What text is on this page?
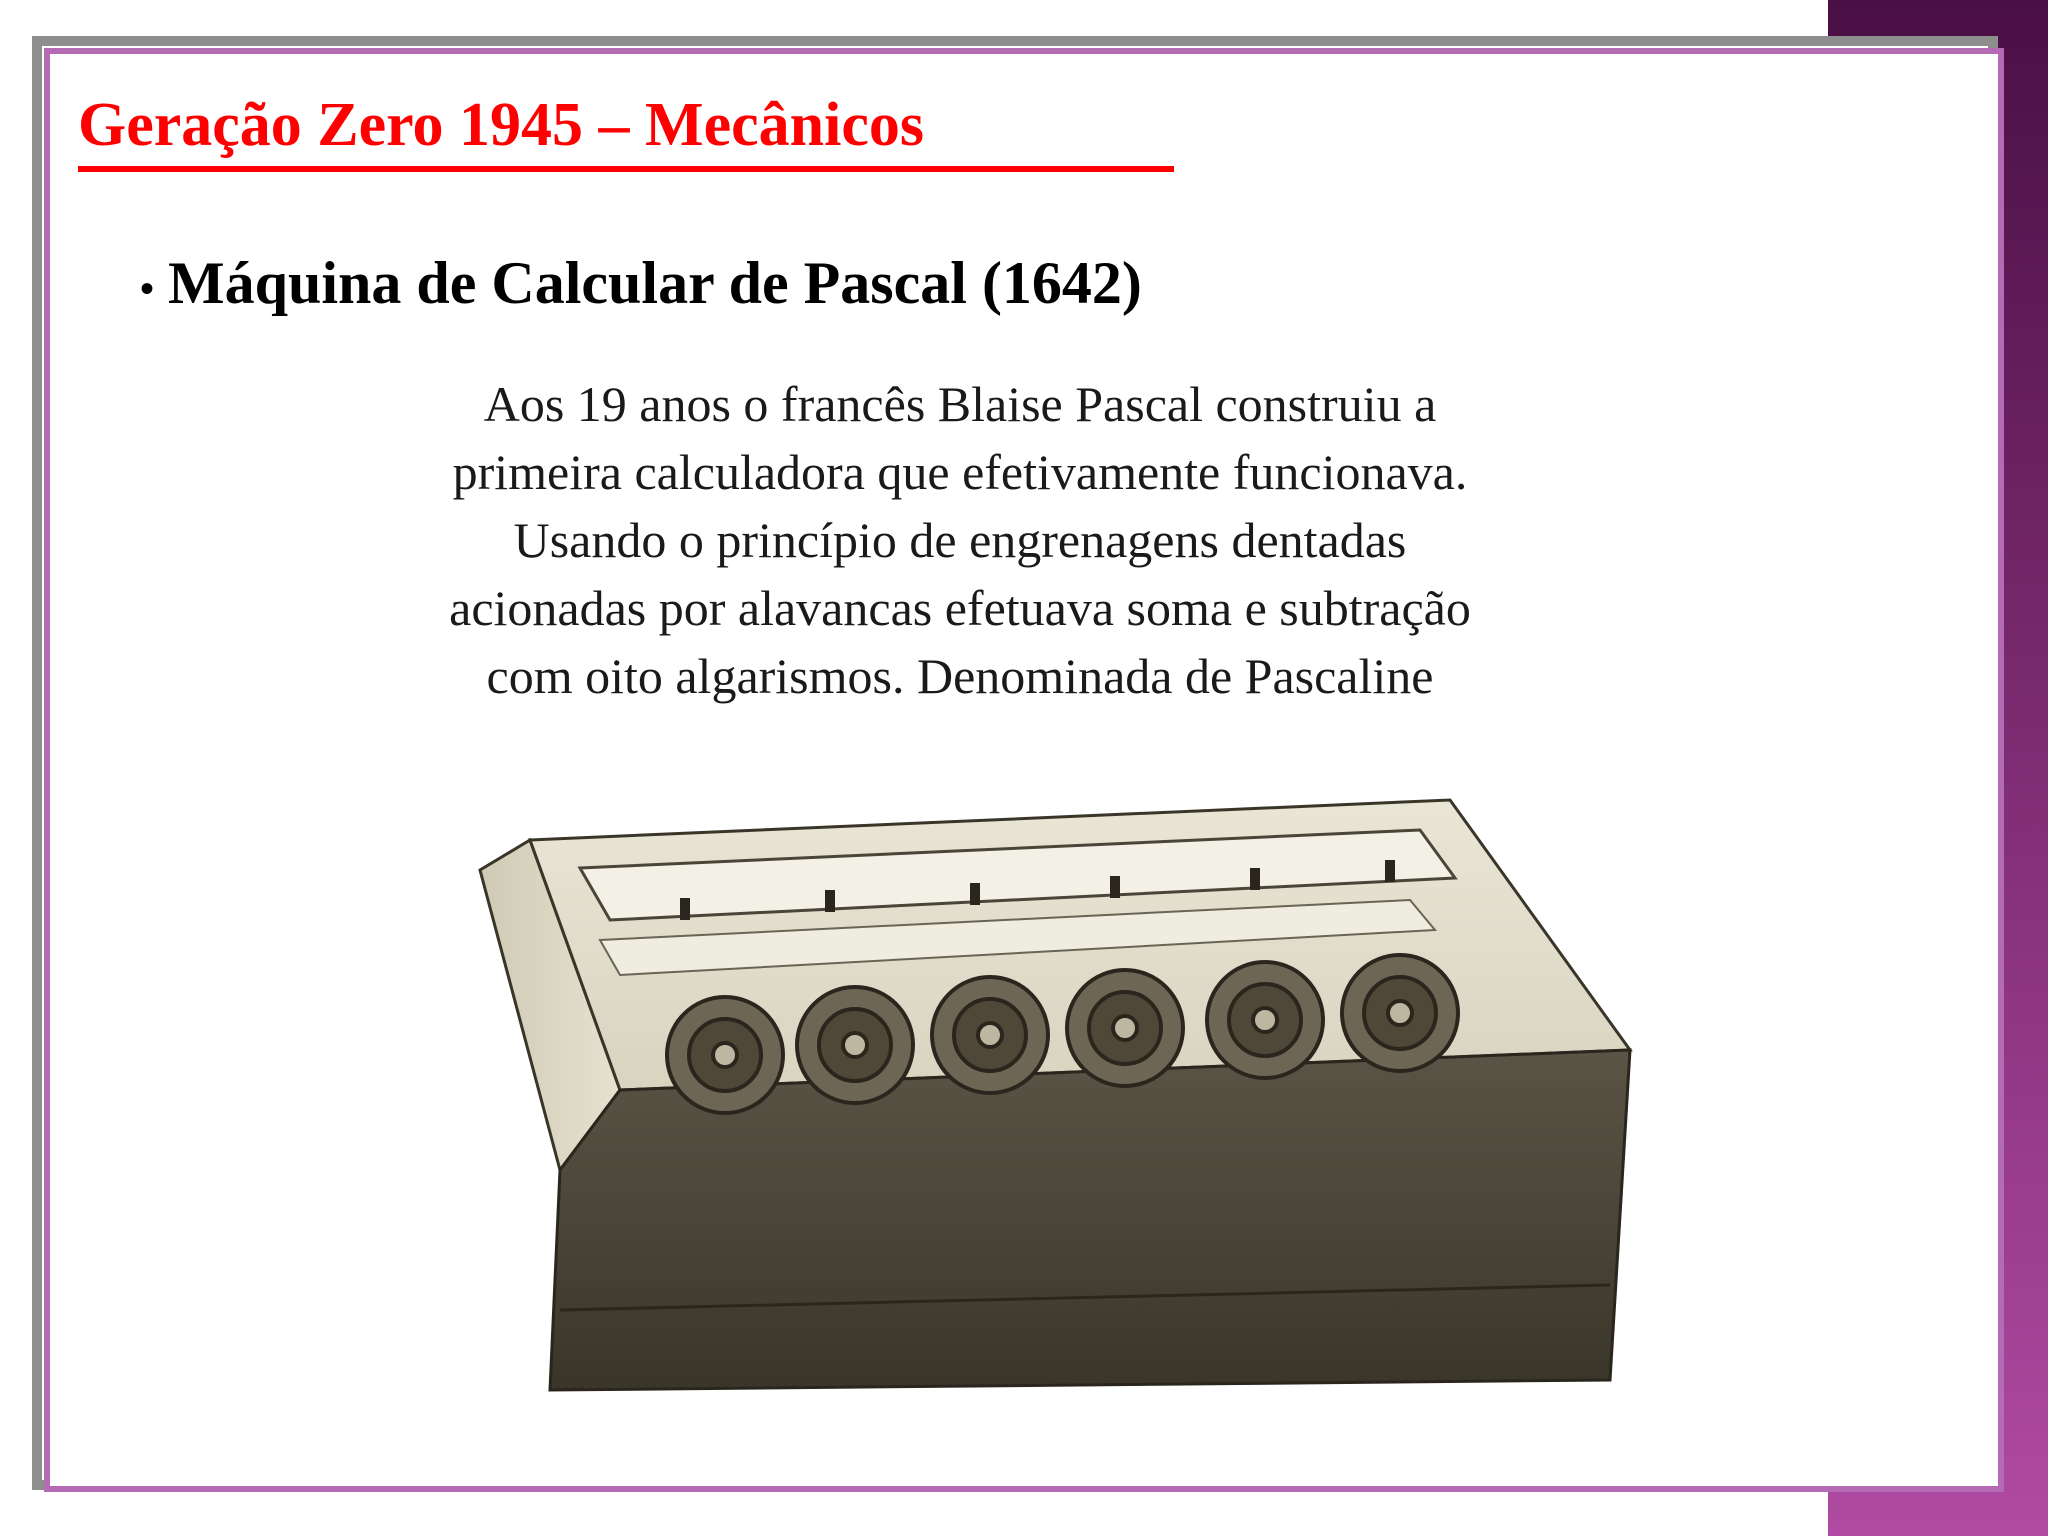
Geração Zero 1945 – Mecânicos
• Máquina de Calcular de Pascal (1642)
Aos 19 anos o francês Blaise Pascal construiu a
primeira calculadora que efetivamente funcionava.
Usando o princípio de engrenagens dentadas
acionadas por alavancas efetuava soma e subtração
com oito algarismos. Denominada de Pascaline
